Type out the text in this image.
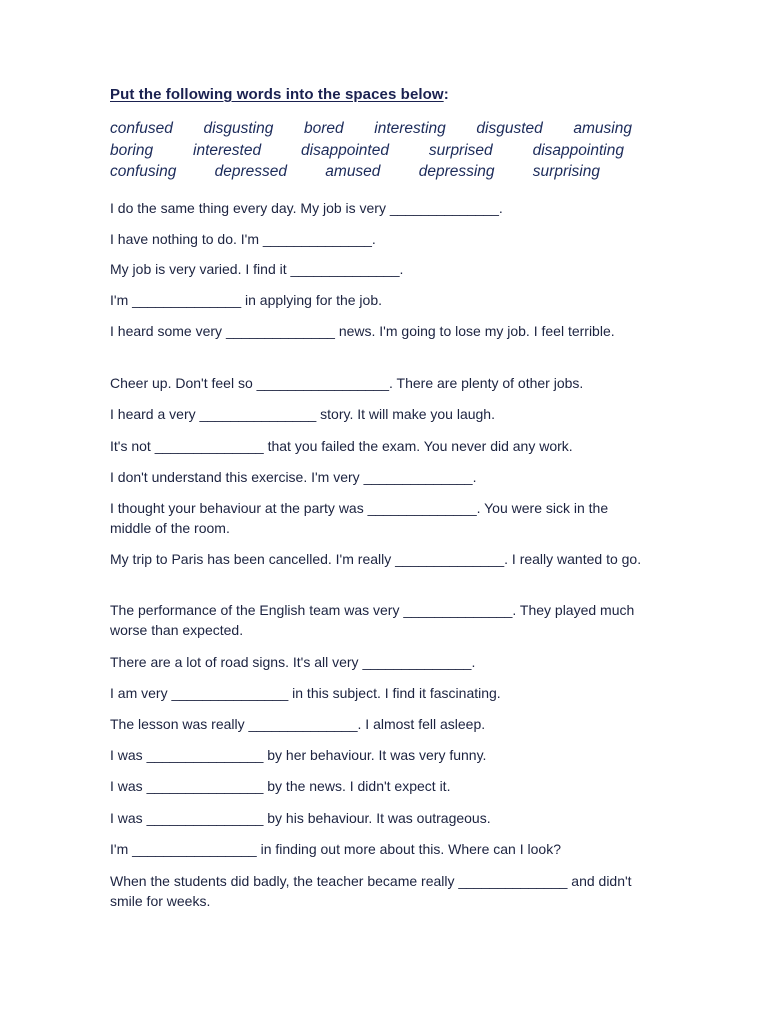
Put the following words into the spaces below:
confused disgusting bored interesting disgusted amusing
boring	interested	disappointed	surprised	disappointing
confusing depressed amused depressing surprising
I do the same thing every day. My job is very ______________.
I have nothing to do. I'm ______________.
My job is very varied. I find it ______________.
I'm ______________ in applying for the job.
I heard some very ______________ news. I'm going to lose my job. I feel terrible.
Cheer up. Don't feel so _________________. There are plenty of other jobs.
I heard a very _______________ story. It will make you laugh.
It's not ______________ that you failed the exam. You never did any work.
I don't understand this exercise. I'm very ______________.
I thought your behaviour at the party was ______________. You were sick in the middle of the room.
My trip to Paris has been cancelled. I'm really ______________. I really wanted to go.
The performance of the English team was very ______________. They played much worse than expected.
There are a lot of road signs. It's all very ______________.
I am very _______________ in this subject. I find it fascinating.
The lesson was really ______________. I almost fell asleep.
I was _______________ by her behaviour. It was very funny.
I was _______________ by the news. I didn't expect it.
I was _______________ by his behaviour. It was outrageous.
I'm ________________ in finding out more about this. Where can I look?
When the students did badly, the teacher became really ______________ and didn't smile for weeks.
